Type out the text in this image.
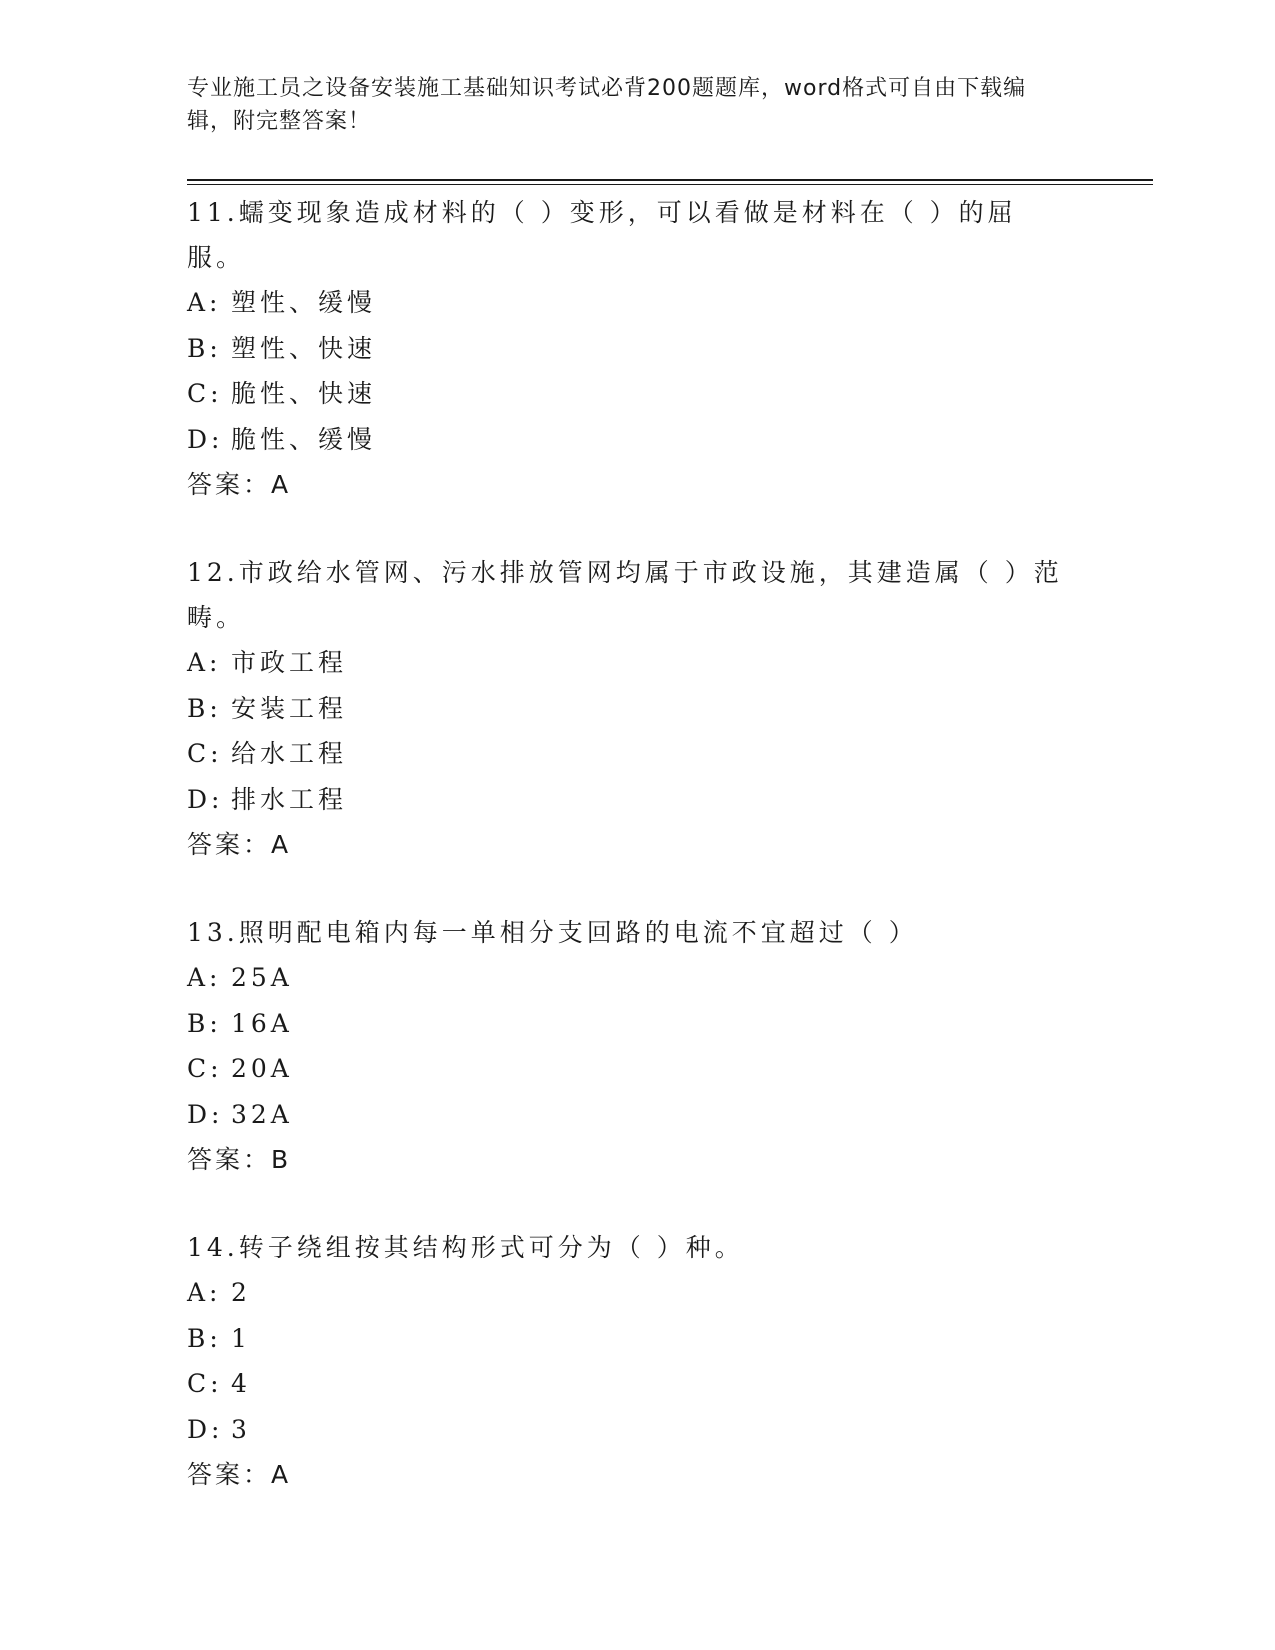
专业施工员之设备安装施工基础知识考试必背200题题库，word格式可自由下载编辑，附完整答案！
11.蠕变现象造成材料的（ ）变形，可以看做是材料在（ ）的屈服。
A: 塑性、缓慢
B: 塑性、快速
C: 脆性、快速
D: 脆性、缓慢
答案：A
12.市政给水管网、污水排放管网均属于市政设施，其建造属（ ）范畴。
A: 市政工程
B: 安装工程
C: 给水工程
D: 排水工程
答案：A
13.照明配电箱内每一单相分支回路的电流不宜超过（ ）
A: 25A
B: 16A
C: 20A
D: 32A
答案：B
14.转子绕组按其结构形式可分为（ ）种。
A: 2
B: 1
C: 4
D: 3
答案：A
